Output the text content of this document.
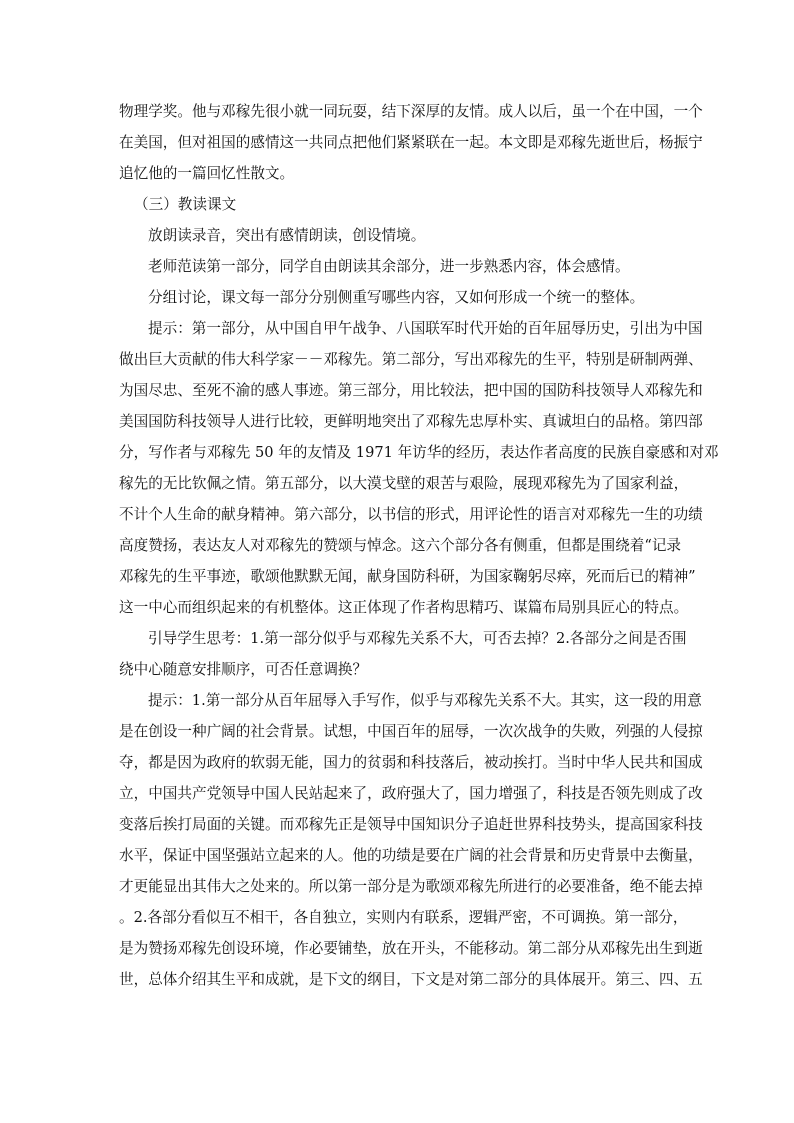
物理学奖。他与邓稼先很小就一同玩耍，结下深厚的友情。成人以后，虽一个在中国，一个
在美国，但对祖国的感情这一共同点把他们紧紧联在一起。本文即是邓稼先逝世后，杨振宁
追忆他的一篇回忆性散文。
（三）教读课文
放朗读录音，突出有感情朗读，创设情境。
老师范读第一部分，同学自由朗读其余部分，进一步熟悉内容，体会感情。
分组讨论，课文每一部分分别侧重写哪些内容，又如何形成一个统一的整体。
提示：第一部分，从中国自甲午战争、八国联军时代开始的百年屈辱历史，引出为中国
做出巨大贡献的伟大科学家－－邓稼先。第二部分，写出邓稼先的生平，特别是研制两弹、
为国尽忠、至死不渝的感人事迹。第三部分，用比较法，把中国的国防科技领导人邓稼先和
美国国防科技领导人进行比较，更鲜明地突出了邓稼先忠厚朴实、真诚坦白的品格。第四部
分，写作者与邓稼先 50 年的友情及 1971 年访华的经历，表达作者高度的民族自豪感和对邓
稼先的无比钦佩之情。第五部分，以大漠戈壁的艰苦与艰险，展现邓稼先为了国家利益，
不计个人生命的献身精神。第六部分，以书信的形式，用评论性的语言对邓稼先一生的功绩
高度赞扬，表达友人对邓稼先的赞颂与悼念。这六个部分各有侧重，但都是围绕着“记录
邓稼先的生平事迹，歌颂他默默无闻，献身国防科研，为国家鞠躬尽瘁，死而后已的精神”
这一中心而组织起来的有机整体。这正体现了作者构思精巧、谋篇布局别具匠心的特点。
引导学生思考：1.第一部分似乎与邓稼先关系不大，可否去掉？2.各部分之间是否围
绕中心随意安排顺序，可否任意调换？
提示：1.第一部分从百年屈辱入手写作，似乎与邓稼先关系不大。其实，这一段的用意
是在创设一种广阔的社会背景。试想，中国百年的屈辱，一次次战争的失败，列强的人侵掠
夺，都是因为政府的软弱无能，国力的贫弱和科技落后，被动挨打。当时中华人民共和国成
立，中国共产党领导中国人民站起来了，政府强大了，国力增强了，科技是否领先则成了改
变落后挨打局面的关键。而邓稼先正是领导中国知识分子追赶世界科技势头，提高国家科技
水平，保证中国坚强站立起来的人。他的功绩是要在广阔的社会背景和历史背景中去衡量，
才更能显出其伟大之处来的。所以第一部分是为歌颂邓稼先所进行的必要准备，绝不能去掉
。2.各部分看似互不相干，各自独立，实则内有联系，逻辑严密，不可调换。第一部分，
是为赞扬邓稼先创设环境，作必要铺垫，放在开头，不能移动。第二部分从邓稼先出生到逝
世，总体介绍其生平和成就，是下文的纲目，下文是对第二部分的具体展开。第三、四、五
